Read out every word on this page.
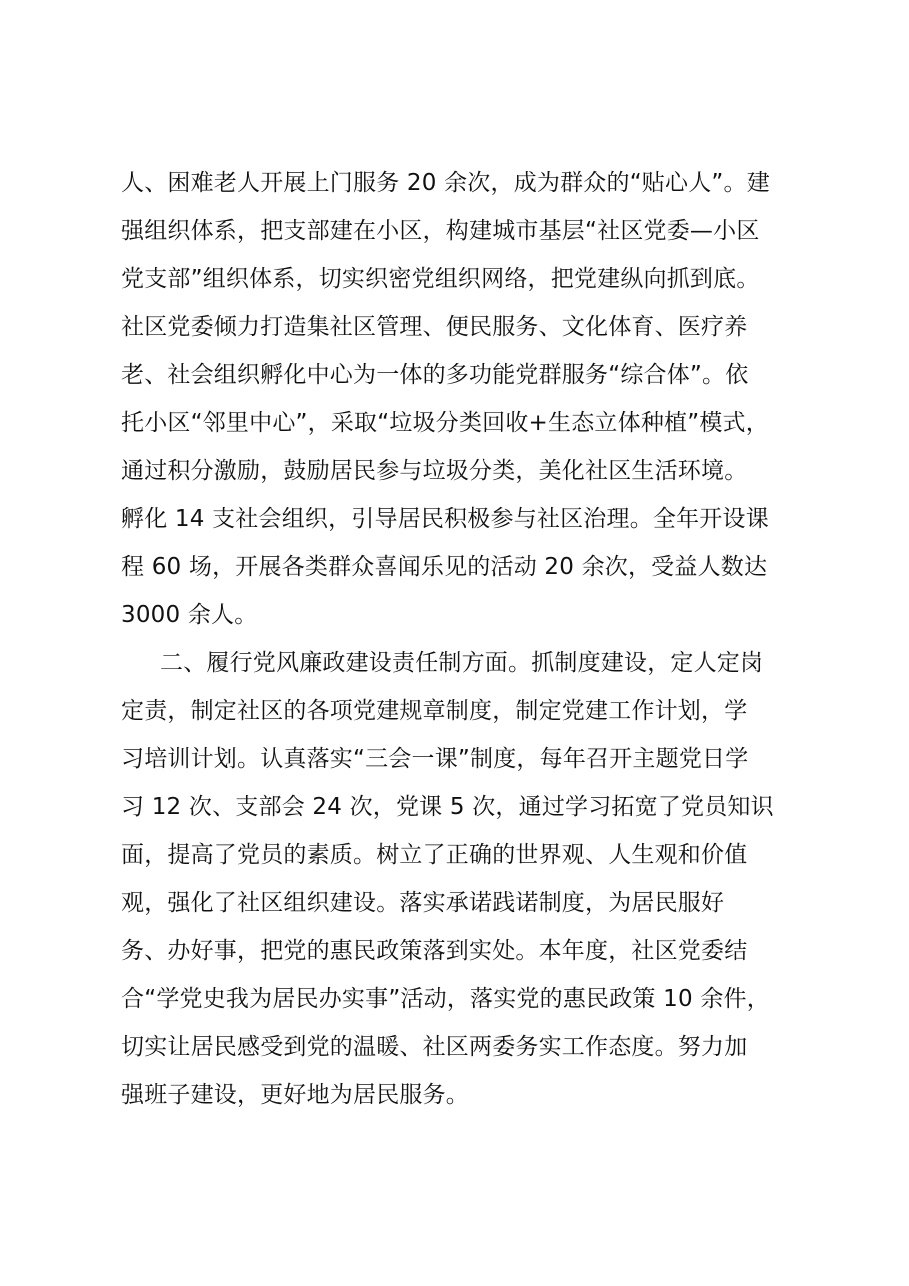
人、困难老人开展上门服务 20 余次，成为群众的“贴心人”。建
强组织体系，把支部建在小区，构建城市基层“社区党委—小区
党支部”组织体系，切实织密党组织网络，把党建纵向抓到底。
社区党委倾力打造集社区管理、便民服务、文化体育、医疗养
老、社会组织孵化中心为一体的多功能党群服务“综合体”。依
托小区“邻里中心”，采取“垃圾分类回收+生态立体种植”模式，
通过积分激励，鼓励居民参与垃圾分类，美化社区生活环境。
孵化 14 支社会组织，引导居民积极参与社区治理。全年开设课
程 60 场，开展各类群众喜闻乐见的活动 20 余次，受益人数达
3000 余人。
二、履行党风廉政建设责任制方面。抓制度建设，定人定岗
定责，制定社区的各项党建规章制度，制定党建工作计划，学
习培训计划。认真落实“三会一课”制度，每年召开主题党日学
习 12 次、支部会 24 次，党课 5 次，通过学习拓宽了党员知识
面，提高了党员的素质。树立了正确的世界观、人生观和价值
观，强化了社区组织建设。落实承诺践诺制度，为居民服好
务、办好事，把党的惠民政策落到实处。本年度，社区党委结
合“学党史我为居民办实事”活动，落实党的惠民政策 10 余件，
切实让居民感受到党的温暖、社区两委务实工作态度。努力加
强班子建设，更好地为居民服务。
